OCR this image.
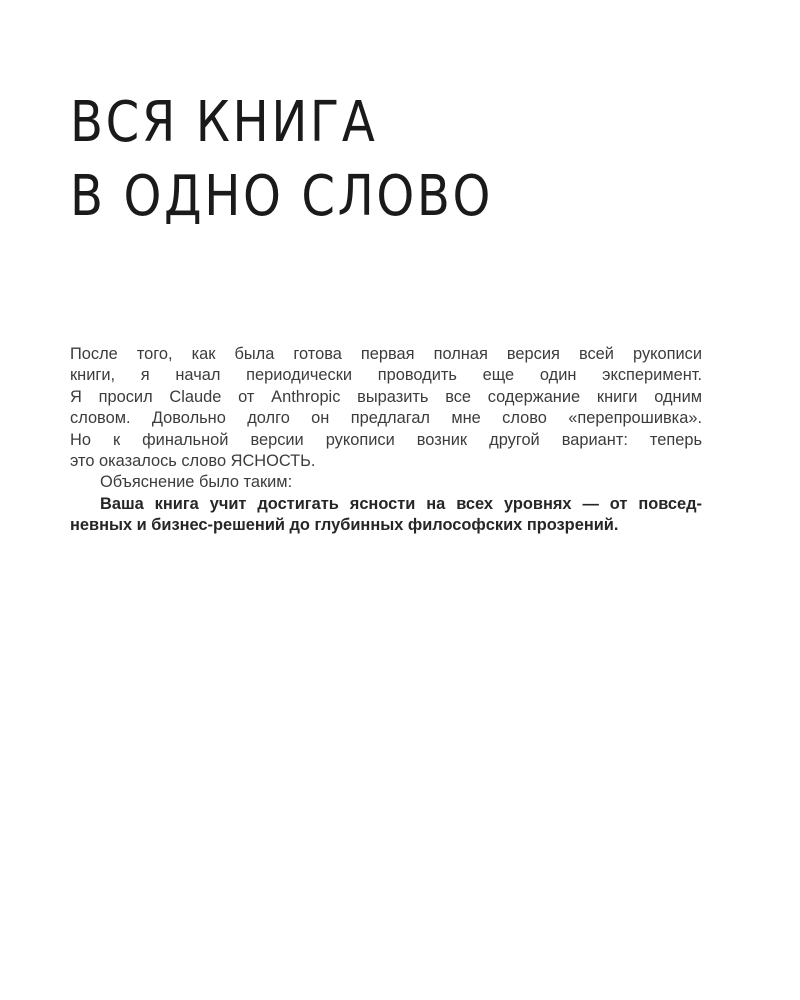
ВСЯ КНИГА
В ОДНО СЛОВО

После того, как была готова первая полная версия всей рукописи

книги, я начал периодически проводить еще один эксперимент.

Я просил Claude от Anthropic выразить все содержание книги одним

словом. Довольно долго он предлагал мне слово «перепрошивка».

Но к финальной версии рукописи возник другой вариант: теперь

это оказалось слово ЯСНОСТЬ.

Объяснение было таким:

Ваша книга учит достигать ясности на всех уровнях — от повсед-

невных и бизнес-решений до глубинных философских прозрений.
